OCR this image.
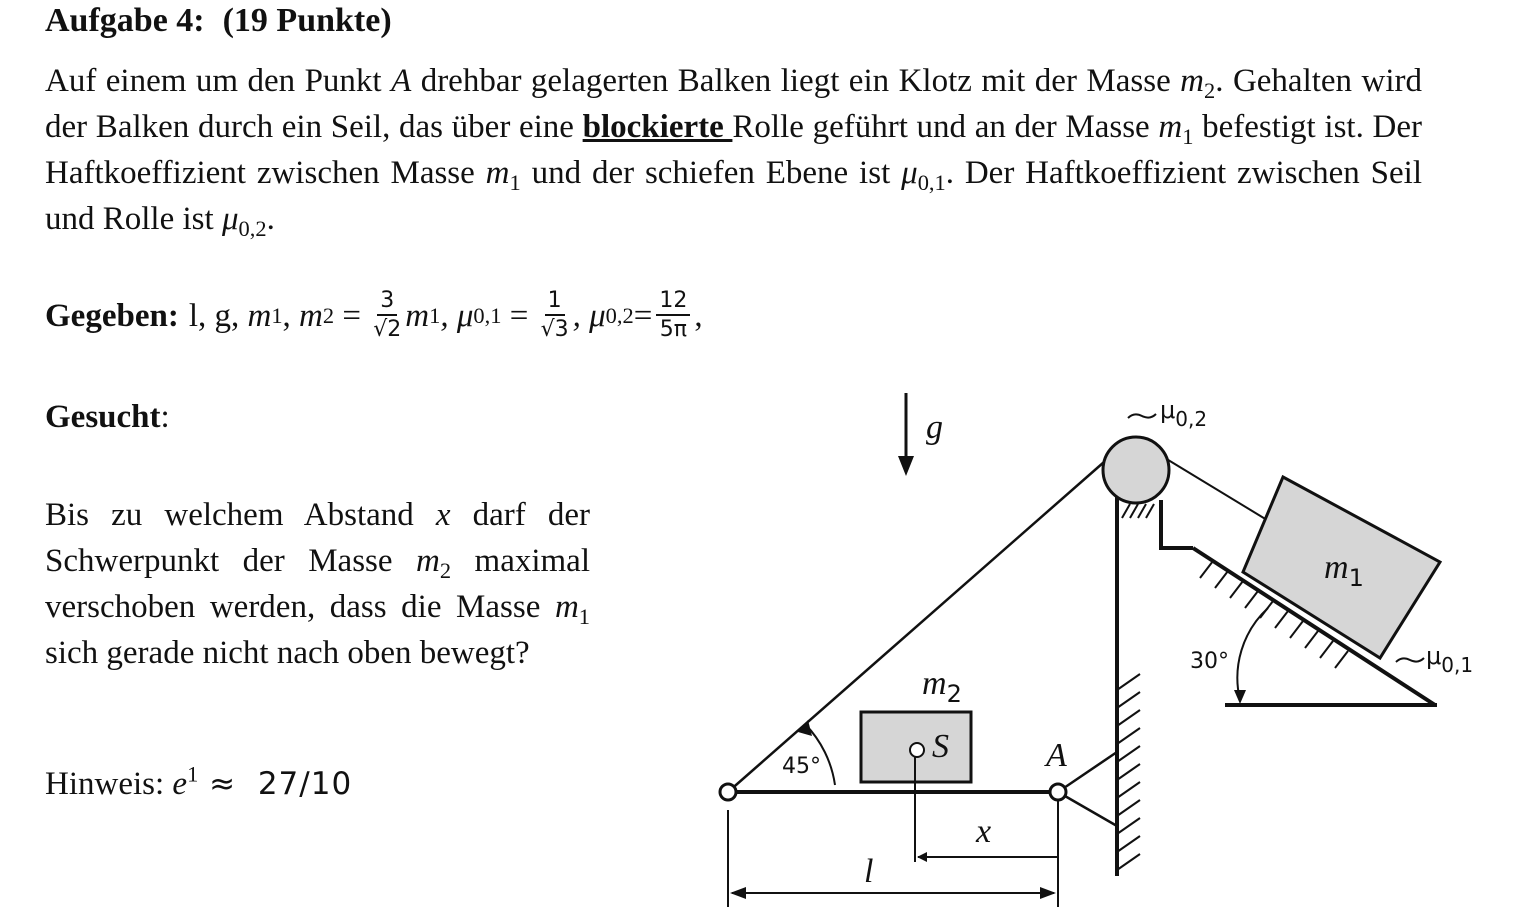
Aufgabe 4: (19 Punkte)
Auf einem um den Punkt A drehbar gelagerten Balken liegt ein Klotz mit der Masse $m_2$. Gehalten wird der Balken durch ein Seil, das über eine blockierte Rolle geführt und an der Masse $m_1$ befestigt ist. Der Haftkoeffizient zwischen Masse $m_1$ und der schiefen Ebene ist $\mu_{0,1}$. Der Haftkoeffizient zwischen Seil und Rolle ist $\mu_{0,2}$.
Gegeben: l, g,
m 1 ,
m $2 = \frac{3}{√2}$ m 1 , μ $0,1 = \frac{1}{√3}$ , μ $0,2 = \frac{12}{5\pi}$ ,
Gesucht:
Bis zu welchem Abstand x darf der Schwerpunkt der Masse $m_2$ maximal verschoben werden, dass die Masse $m_1$ sich gerade nicht nach oben bewegt?
Hinweis: $e^1 \approx 27/10$
g
30°
$m_1$
$\mu_{0,2}$
$\mu_{0,1}$
A
45°
S
$m_2$
x
l
